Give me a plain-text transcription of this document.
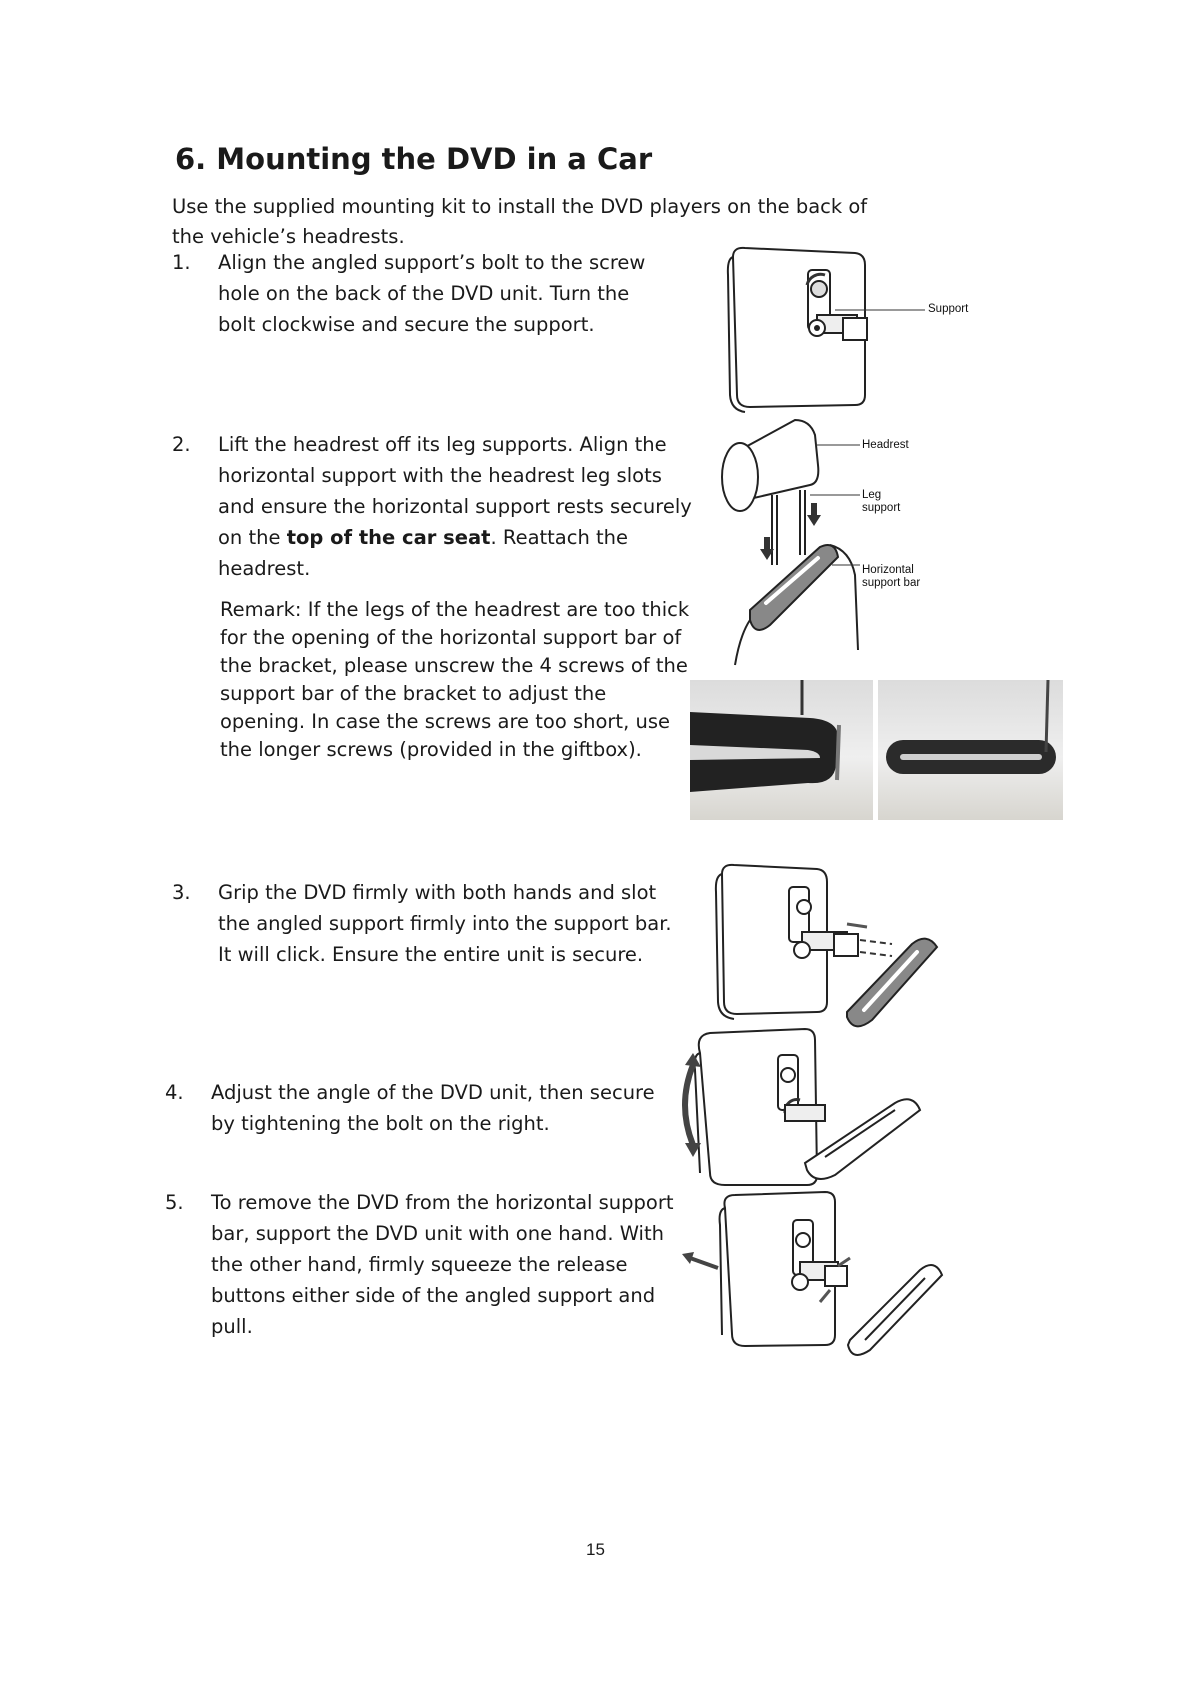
6. Mounting the DVD in a Car

Use the supplied mounting kit to install the DVD players on the back of the vehicle’s headrests.

1. Align the angled support’s bolt to the screw hole on the back of the DVD unit. Turn the bolt clockwise and secure the support.

2. Lift the headrest off its leg supports. Align the horizontal support with the headrest leg slots and ensure the horizontal support rests securely on the top of the car seat. Reattach the headrest.

Remark: If the legs of the headrest are too thick for the opening of the horizontal support bar of the bracket, please unscrew the 4 screws of the support bar of the bracket to adjust the opening. In case the screws are too short, use the longer screws (provided in the giftbox).

3. Grip the DVD firmly with both hands and slot the angled support firmly into the support bar. It will click. Ensure the entire unit is secure.

4. Adjust the angle of the DVD unit, then secure by tightening the bolt on the right.

5. To remove the DVD from the horizontal support bar, support the DVD unit with one hand. With the other hand, firmly squeeze the release buttons either side of the angled support and pull.

Support
Headrest
Leg
support
Horizontal
support bar
15
